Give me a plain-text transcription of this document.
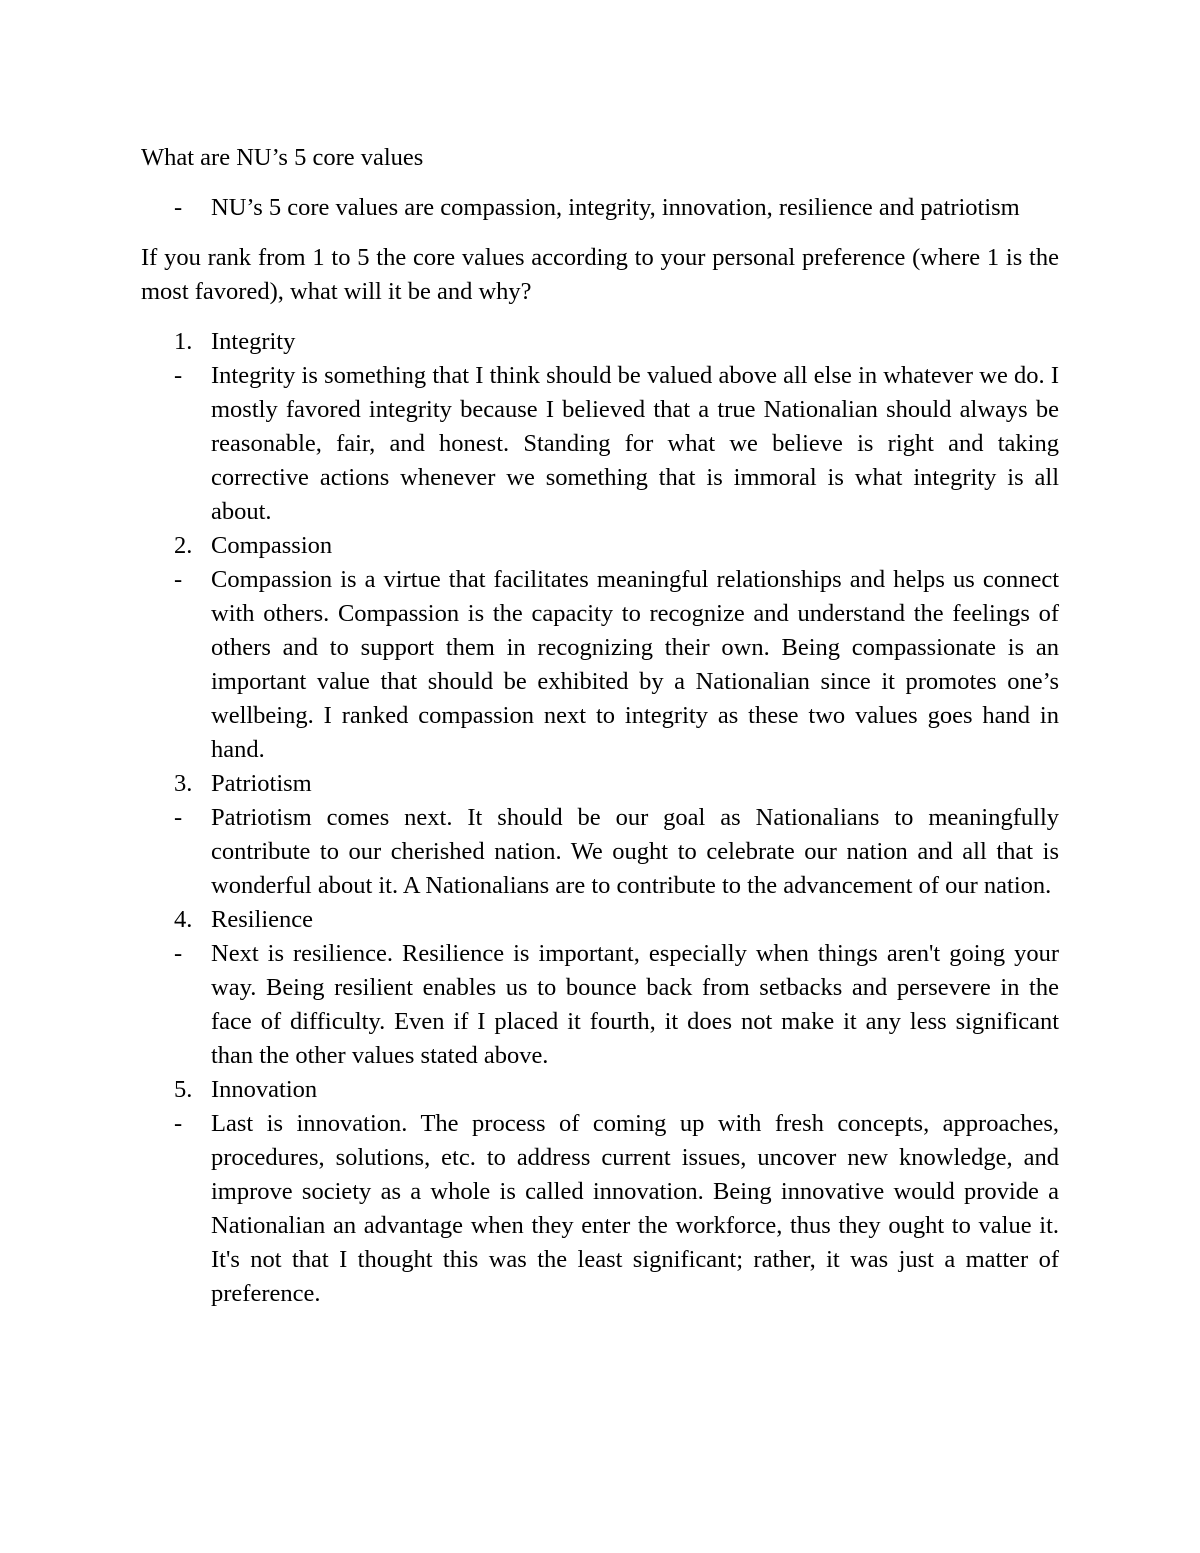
What are NU’s 5 core values

- NU’s 5 core values are compassion, integrity, innovation, resilience and patriotism

If you rank from 1 to 5 the core values according to your personal preference (where 1 is the most favored), what will it be and why?

1. Integrity
- Integrity is something that I think should be valued above all else in whatever we do. I mostly favored integrity because I believed that a true Nationalian should always be reasonable, fair, and honest. Standing for what we believe is right and taking corrective actions whenever we something that is immoral is what integrity is all about.
2. Compassion
- Compassion is a virtue that facilitates meaningful relationships and helps us connect with others. Compassion is the capacity to recognize and understand the feelings of others and to support them in recognizing their own. Being compassionate is an important value that should be exhibited by a Nationalian since it promotes one’s wellbeing. I ranked compassion next to integrity as these two values goes hand in hand.
3. Patriotism
- Patriotism comes next. It should be our goal as Nationalians to meaningfully contribute to our cherished nation. We ought to celebrate our nation and all that is wonderful about it. A Nationalians are to contribute to the advancement of our nation.
4. Resilience
- Next is resilience. Resilience is important, especially when things aren't going your way. Being resilient enables us to bounce back from setbacks and persevere in the face of difficulty. Even if I placed it fourth, it does not make it any less significant than the other values stated above.
5. Innovation
- Last is innovation. The process of coming up with fresh concepts, approaches, procedures, solutions, etc. to address current issues, uncover new knowledge, and improve society as a whole is called innovation. Being innovative would provide a Nationalian an advantage when they enter the workforce, thus they ought to value it. It's not that I thought this was the least significant; rather, it was just a matter of preference.
